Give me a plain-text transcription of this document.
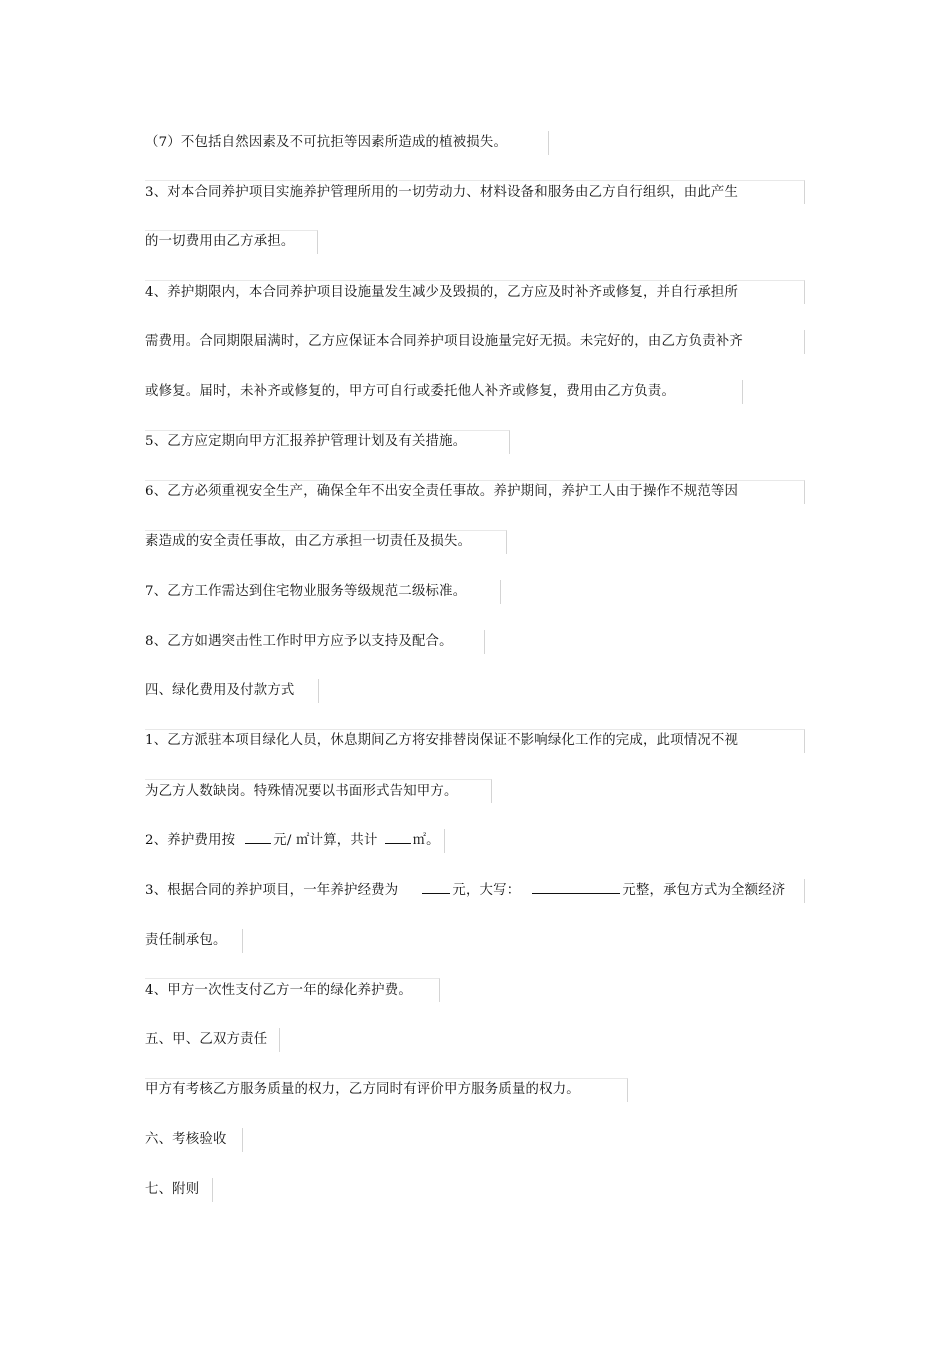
（7）不包括自然因素及不可抗拒等因素所造成的植被损失。
3、对本合同养护项目实施养护管理所用的一切劳动力、材料设备和服务由乙方自行组织，由此产生
的一切费用由乙方承担。
4、养护期限内，本合同养护项目设施量发生减少及毁损的，乙方应及时补齐或修复，并自行承担所
需费用。合同期限届满时，乙方应保证本合同养护项目设施量完好无损。未完好的，由乙方负责补齐
或修复。届时，未补齐或修复的，甲方可自行或委托他人补齐或修复，费用由乙方负责。
5、乙方应定期向甲方汇报养护管理计划及有关措施。
6、乙方必须重视安全生产，确保全年不出安全责任事故。养护期间，养护工人由于操作不规范等因
素造成的安全责任事故，由乙方承担一切责任及损失。
7、乙方工作需达到住宅物业服务等级规范二级标准。
8、乙方如遇突击性工作时甲方应予以支持及配合。
四、绿化费用及付款方式
1、乙方派驻本项目绿化人员，休息期间乙方将安排替岗保证不影响绿化工作的完成，此项情况不视
为乙方人数缺岗。特殊情况要以书面形式告知甲方。
2、养护费用按	元/ ㎡计算，共计	㎡。
3、根据合同的养护项目，一年养护经费为	元，大写：	元整，承包方式为全额经济
责任制承包。
4、甲方一次性支付乙方一年的绿化养护费。
五、甲、乙双方责任
甲方有考核乙方服务质量的权力，乙方同时有评价甲方服务质量的权力。
六、考核验收
七、附则
